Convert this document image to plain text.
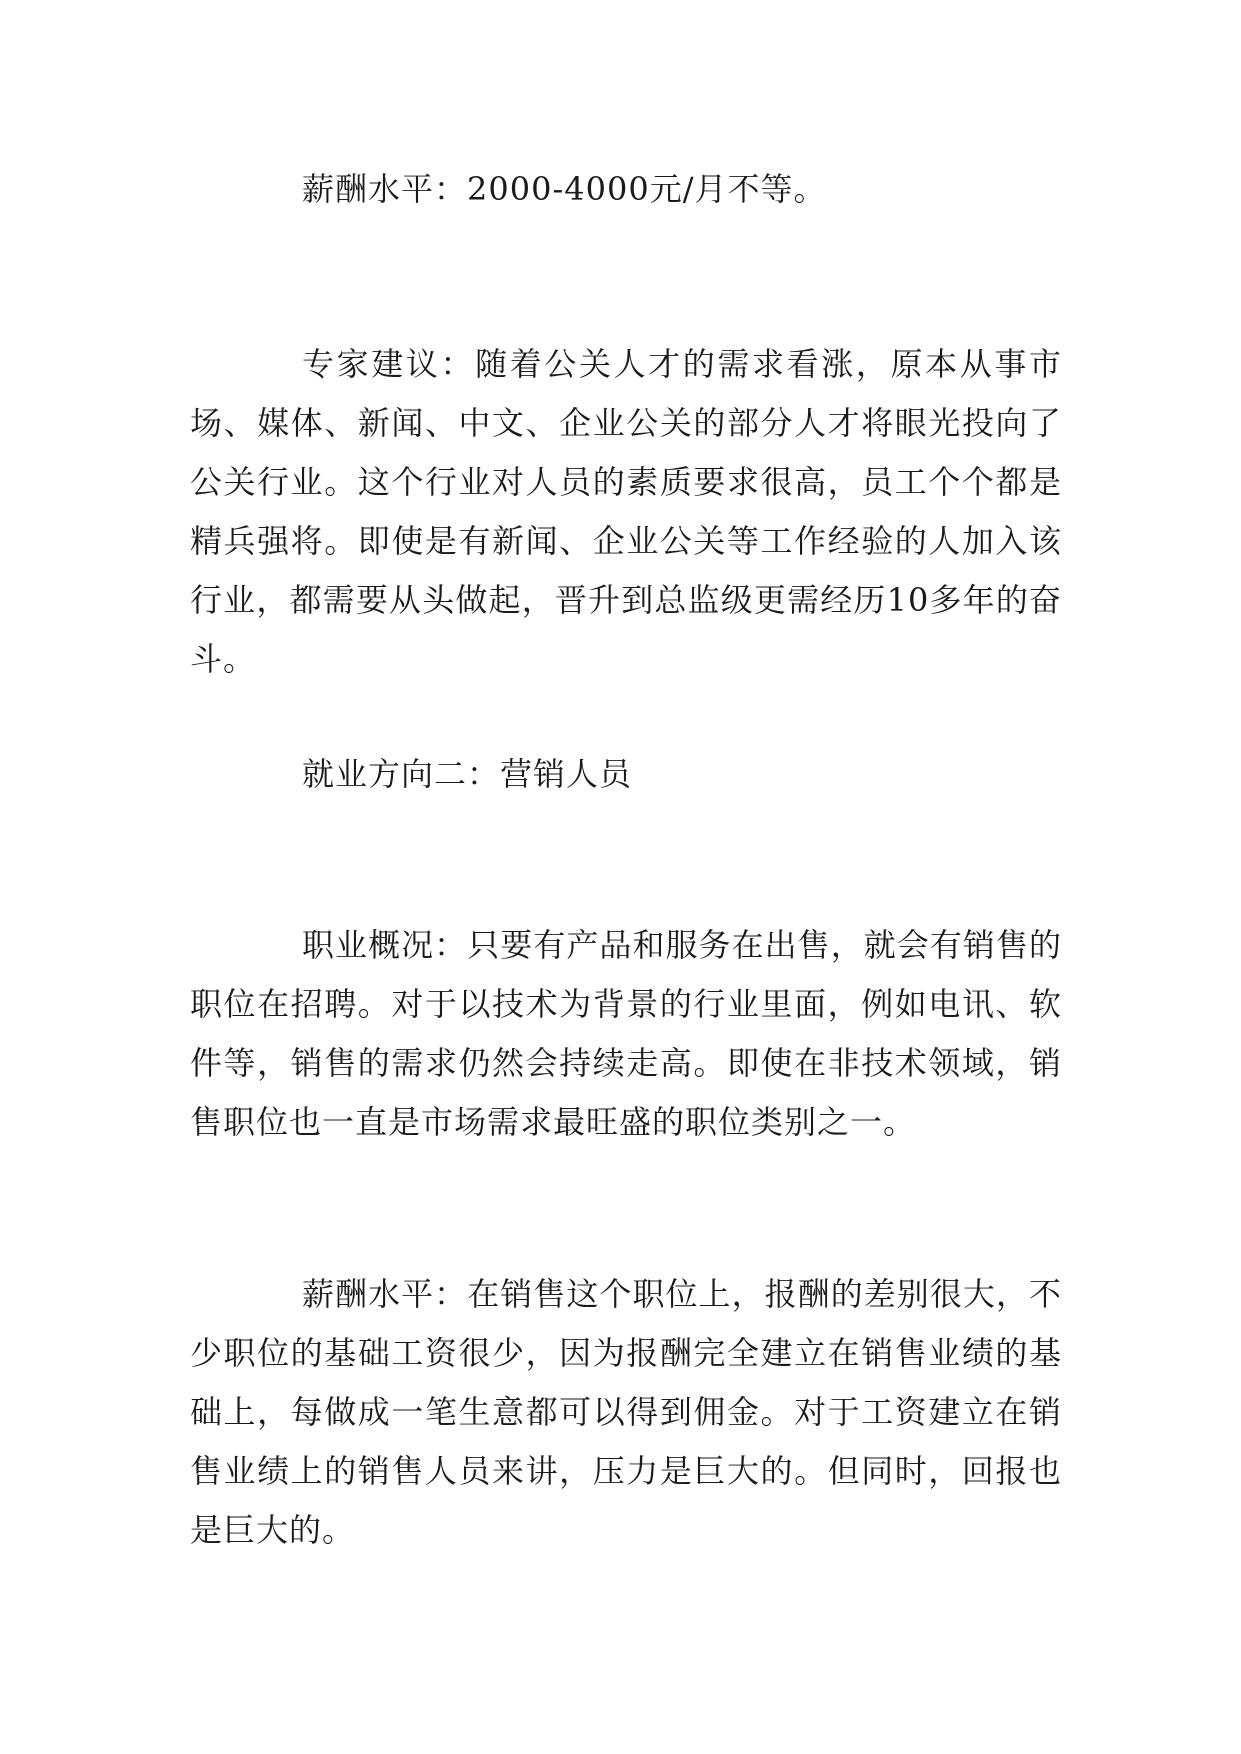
薪酬水平：2000-4000元/月不等。

专家建议：随着公关人才的需求看涨，原本从事市场、媒体、新闻、中文、企业公关的部分人才将眼光投向了公关行业。这个行业对人员的素质要求很高，员工个个都是精兵强将。即使是有新闻、企业公关等工作经验的人加入该行业，都需要从头做起，晋升到总监级更需经历10多年的奋斗。

就业方向二：营销人员

职业概况：只要有产品和服务在出售，就会有销售的职位在招聘。对于以技术为背景的行业里面，例如电讯、软件等，销售的需求仍然会持续走高。即使在非技术领域，销售职位也一直是市场需求最旺盛的职位类别之一。

薪酬水平：在销售这个职位上，报酬的差别很大，不少职位的基础工资很少，因为报酬完全建立在销售业绩的基础上，每做成一笔生意都可以得到佣金。对于工资建立在销售业绩上的销售人员来讲，压力是巨大的。但同时，回报也是巨大的。
